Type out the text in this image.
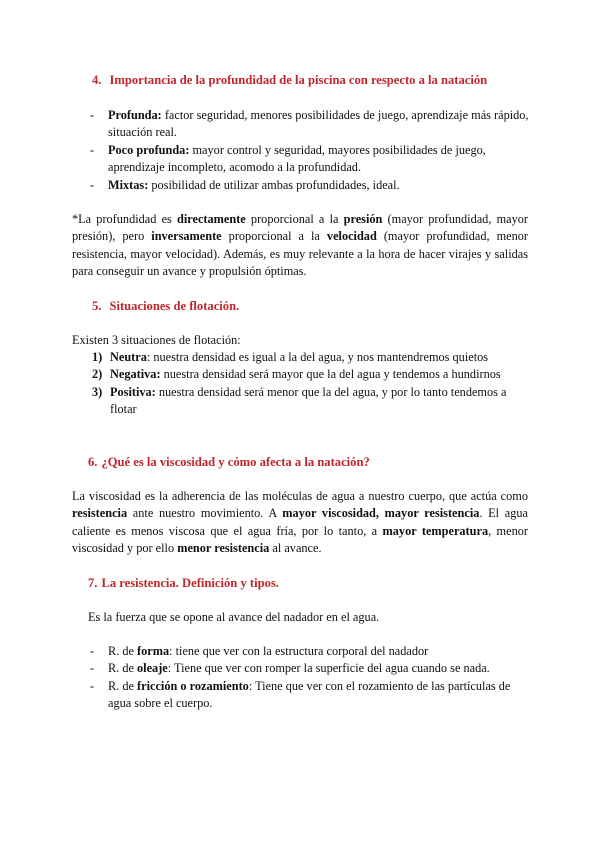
4. Importancia de la profundidad de la piscina con respecto a la natación
- Profunda: factor seguridad, menores posibilidades de juego, aprendizaje más rápido, situación real.
- Poco profunda: mayor control y seguridad, mayores posibilidades de juego, aprendizaje incompleto, acomodo a la profundidad.
- Mixtas: posibilidad de utilizar ambas profundidades, ideal.
*La profundidad es directamente proporcional a la presión (mayor profundidad, mayor presión), pero inversamente proporcional a la velocidad (mayor profundidad, menor resistencia, mayor velocidad). Además, es muy relevante a la hora de hacer virajes y salidas para conseguir un avance y propulsión óptimas.
5. Situaciones de flotación.
Existen 3 situaciones de flotación:
1) Neutra: nuestra densidad es igual a la del agua, y nos mantendremos quietos
2) Negativa: nuestra densidad será mayor que la del agua y tendemos a hundirnos
3) Positiva: nuestra densidad será menor que la del agua, y por lo tanto tendemos a flotar
6. ¿Qué es la viscosidad y cómo afecta a la natación?
La viscosidad es la adherencia de las moléculas de agua a nuestro cuerpo, que actúa como resistencia ante nuestro movimiento. A mayor viscosidad, mayor resistencia. El agua caliente es menos viscosa que el agua fría, por lo tanto, a mayor temperatura, menor viscosidad y por ello menor resistencia al avance.
7. La resistencia. Definición y tipos.
Es la fuerza que se opone al avance del nadador en el agua.
- R. de forma: tiene que ver con la estructura corporal del nadador
- R. de oleaje: Tiene que ver con romper la superficie del agua cuando se nada.
- R. de fricción o rozamiento: Tiene que ver con el rozamiento de las partículas de agua sobre el cuerpo.
